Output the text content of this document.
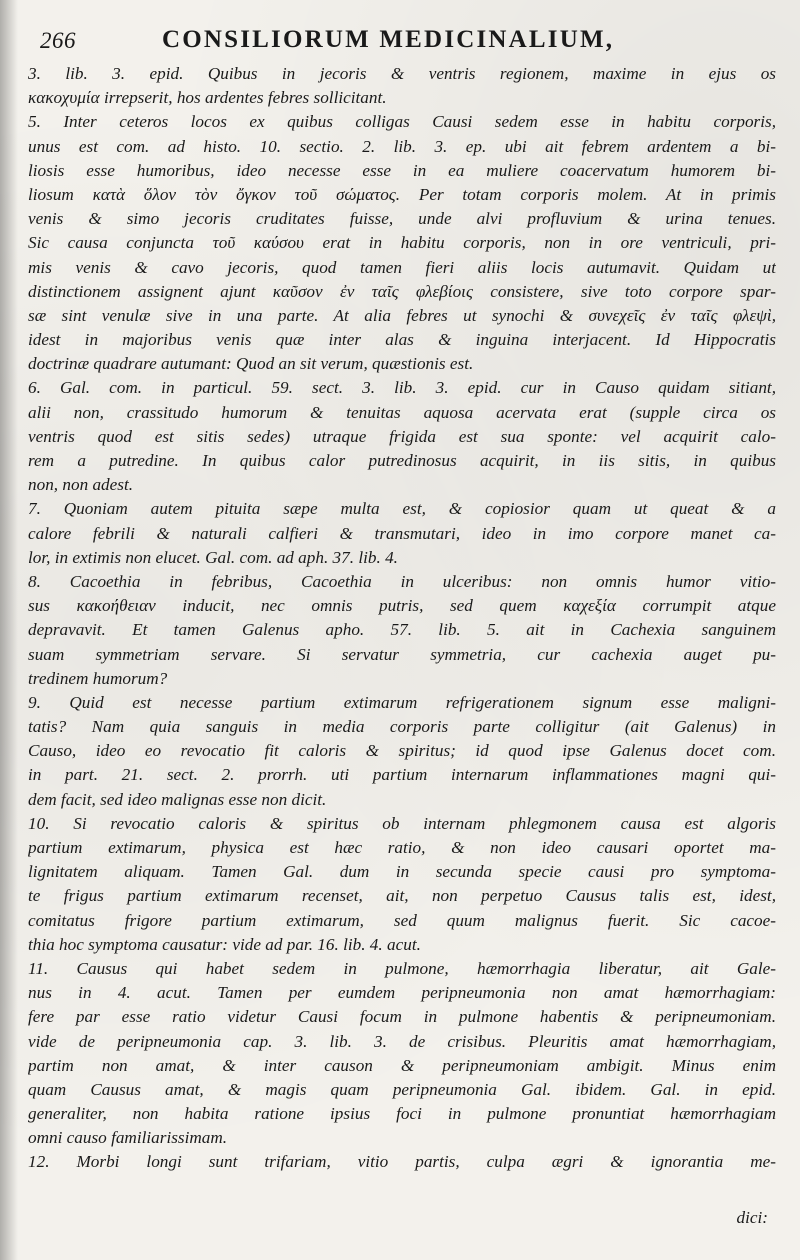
266	CONSILIORUM MEDICINALIUM,
3. lib. 3. epid. Quibus in jecoris & ventris regionem, maxime in ejus os
κακοχυμία irrepserit, hos ardentes febres sollicitant.
5. Inter ceteros locos ex quibus colligas Causi sedem esse in habitu corporis,
unus est com. ad histo. 10. sectio. 2. lib. 3. ep. ubi ait febrem ardentem a bi-
liosis esse humoribus, ideo necesse esse in ea muliere coacervatum humorem bi-
liosum κατὰ ὅλον τὸν ὄγκον τοῦ σώματος. Per totam corporis molem. At in primis
venis & simo jecoris cruditates fuisse, unde alvi profluvium & urina tenues.
Sic causa conjuncta τοῦ καύσου erat in habitu corporis, non in ore ventriculi, pri-
mis venis & cavo jecoris, quod tamen fieri aliis locis autumavit. Quidam ut
distinctionem assignent ajunt καῦσον ἐν ταῖς φλεβίοις consistere, sive toto corpore spar-
sæ sint venulæ sive in una parte. At alia febres ut synochi & συνεχεῖς ἐν ταῖς φλεψὶ,
idest in majoribus venis quæ inter alas & inguina interjacent. Id Hippocratis
doctrinæ quadrare autumant: Quod an sit verum, quæstionis est.
6. Gal. com. in particul. 59. sect. 3. lib. 3. epid. cur in Causo quidam sitiant,
alii non, crassitudo humorum & tenuitas aquosa acervata erat (supple circa os
ventris quod est sitis sedes) utraque frigida est sua sponte: vel acquirit calo-
rem a putredine. In quibus calor putredinosus acquirit, in iis sitis, in quibus
non, non adest.
7. Quoniam autem pituita sæpe multa est, & copiosior quam ut queat & a
calore febrili & naturali calfieri & transmutari, ideo in imo corpore manet ca-
lor, in extimis non elucet. Gal. com. ad aph. 37. lib. 4.
8. Cacoethia in febribus, Cacoethia in ulceribus: non omnis humor vitio-
sus κακοήθειαν inducit, nec omnis putris, sed quem καχεξία corrumpit atque
depravavit. Et tamen Galenus apho. 57. lib. 5. ait in Cachexia sanguinem
suam symmetriam servare. Si servatur symmetria, cur cachexia auget pu-
tredinem humorum?
9. Quid est necesse partium extimarum refrigerationem signum esse maligni-
tatis? Nam quia sanguis in media corporis parte colligitur (ait Galenus) in
Causo, ideo eo revocatio fit caloris & spiritus; id quod ipse Galenus docet com.
in part. 21. sect. 2. prorrh. uti partium internarum inflammationes magni qui-
dem facit, sed ideo malignas esse non dicit.
10. Si revocatio caloris & spiritus ob internam phlegmonem causa est algoris
partium extimarum, physica est hæc ratio, & non ideo causari oportet ma-
lignitatem aliquam. Tamen Gal. dum in secunda specie causi pro symptoma-
te frigus partium extimarum recenset, ait, non perpetuo Causus talis est, idest,
comitatus frigore partium extimarum, sed quum malignus fuerit. Sic cacoe-
thia hoc symptoma causatur: vide ad par. 16. lib. 4. acut.
11. Causus qui habet sedem in pulmone, hæmorrhagia liberatur, ait Gale-
nus in 4. acut. Tamen per eumdem peripneumonia non amat hæmorrhagiam:
fere par esse ratio videtur Causi focum in pulmone habentis & peripneumoniam.
vide de peripneumonia cap. 3. lib. 3. de crisibus. Pleuritis amat hæmorrhagiam,
partim non amat, & inter causon & peripneumoniam ambigit. Minus enim
quam Causus amat, & magis quam peripneumonia Gal. ibidem. Gal. in epid.
generaliter, non habita ratione ipsius foci in pulmone pronuntiat hæmorrhagiam
omni causo familiarissimam.
12. Morbi longi sunt trifariam, vitio partis, culpa ægri & ignorantia me-
dici:
